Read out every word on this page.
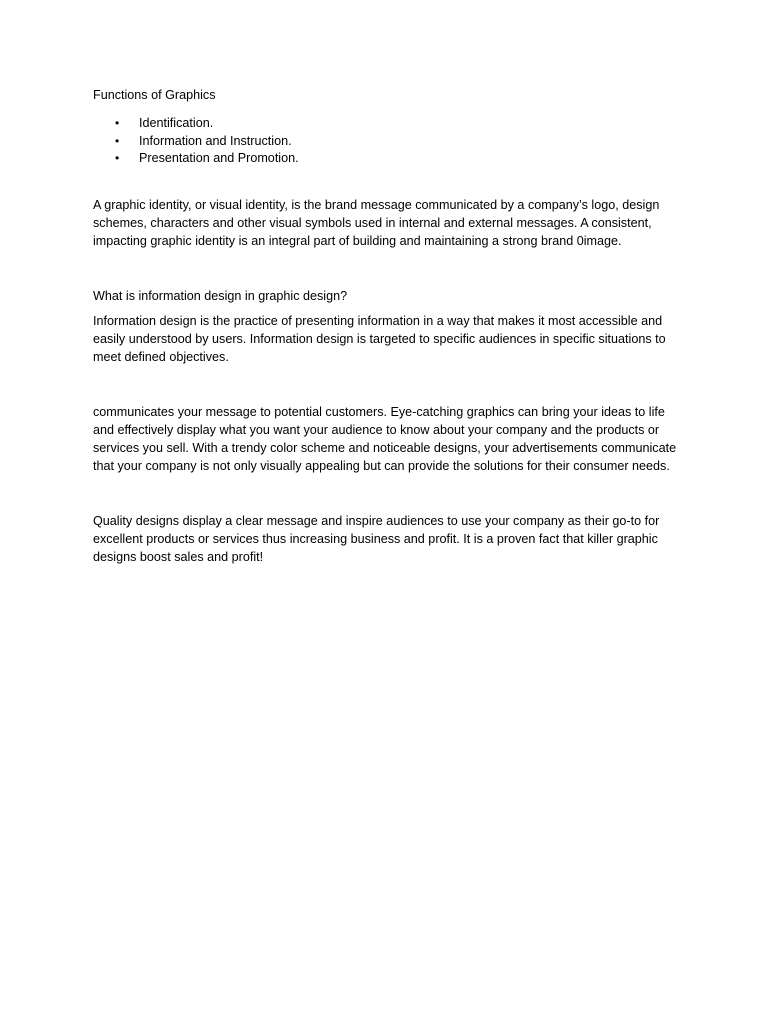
Functions of Graphics

•	Identification.
•	Information and Instruction.
•	Presentation and Promotion.

A graphic identity, or visual identity, is the brand message communicated by a company’s logo, design schemes, characters and other visual symbols used in internal and external messages. A consistent, impacting graphic identity is an integral part of building and maintaining a strong brand 0image.

What is information design in graphic design?

Information design is the practice of presenting information in a way that makes it most accessible and easily understood by users. Information design is targeted to specific audiences in specific situations to meet defined objectives.

communicates your message to potential customers. Eye-catching graphics can bring your ideas to life and effectively display what you want your audience to know about your company and the products or services you sell. With a trendy color scheme and noticeable designs, your advertisements communicate that your company is not only visually appealing but can provide the solutions for their consumer needs.

Quality designs display a clear message and inspire audiences to use your company as their go-to for excellent products or services thus increasing business and profit. It is a proven fact that killer graphic designs boost sales and profit!
